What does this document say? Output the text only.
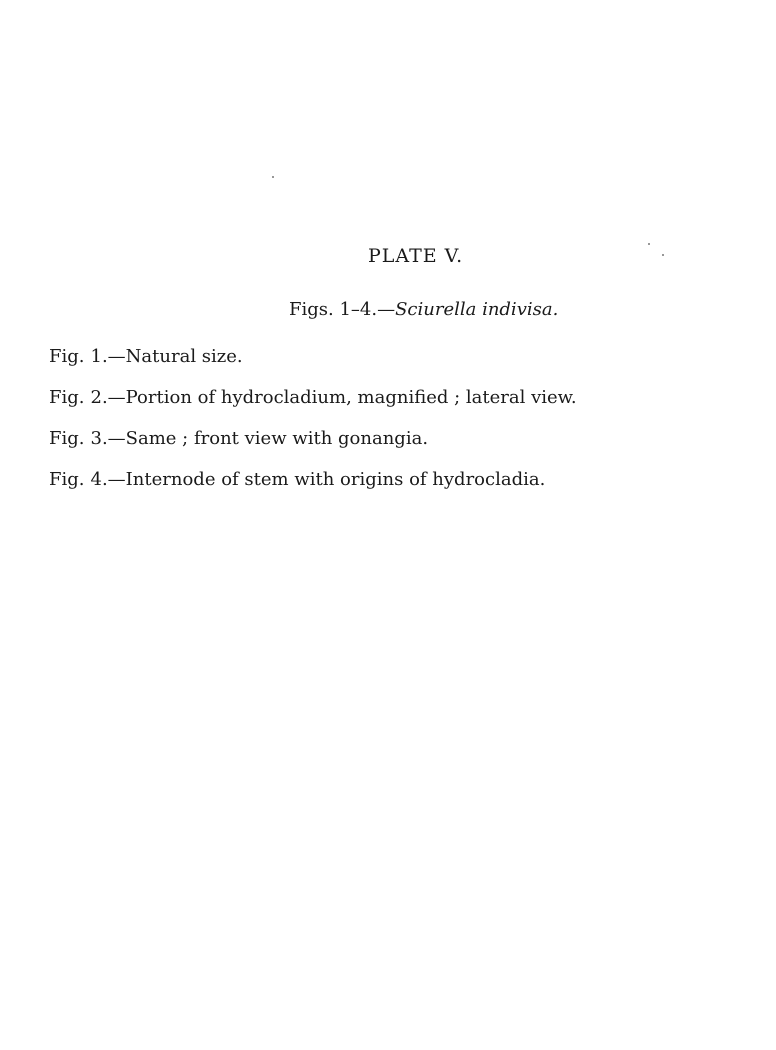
PLATE V.
Figs. 1–4.—Sciurella indivisa.
Fig. 1.—Natural size.
Fig. 2.—Portion of hydrocladium, magnified ; lateral view.
Fig. 3.—Same ; front view with gonangia.
Fig. 4.—Internode of stem with origins of hydrocladia.
